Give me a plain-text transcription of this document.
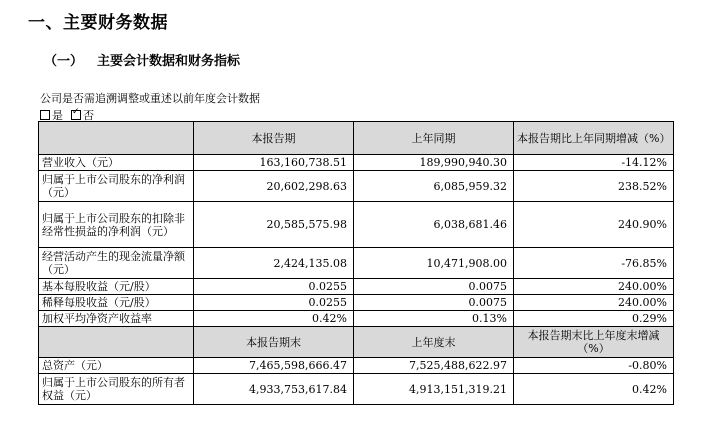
一、主要财务数据
（一） 主要会计数据和财务指标
公司是否需追溯调整或重述以前年度会计数据
是 ✓ 否
	本报告期	上年同期	本报告期比上年同期增减（%）
营业收入（元）	163,160,738.51	189,990,940.30	-14.12%
归属于上市公司股东的净利润（元）	20,602,298.63	6,085,959.32	238.52%
归属于上市公司股东的扣除非经常性损益的净利润（元）	20,585,575.98	6,038,681.46	240.90%
经营活动产生的现金流量净额（元）	2,424,135.08	10,471,908.00	-76.85%
基本每股收益（元/股）	0.0255	0.0075	240.00%
稀释每股收益（元/股）	0.0255	0.0075	240.00%
加权平均净资产收益率	0.42%	0.13%	0.29%
	本报告期末	上年度末	本报告期末比上年度末增减（%）
总资产（元）	7,465,598,666.47	7,525,488,622.97	-0.80%
归属于上市公司股东的所有者权益（元）	4,933,753,617.84	4,913,151,319.21	0.42%
